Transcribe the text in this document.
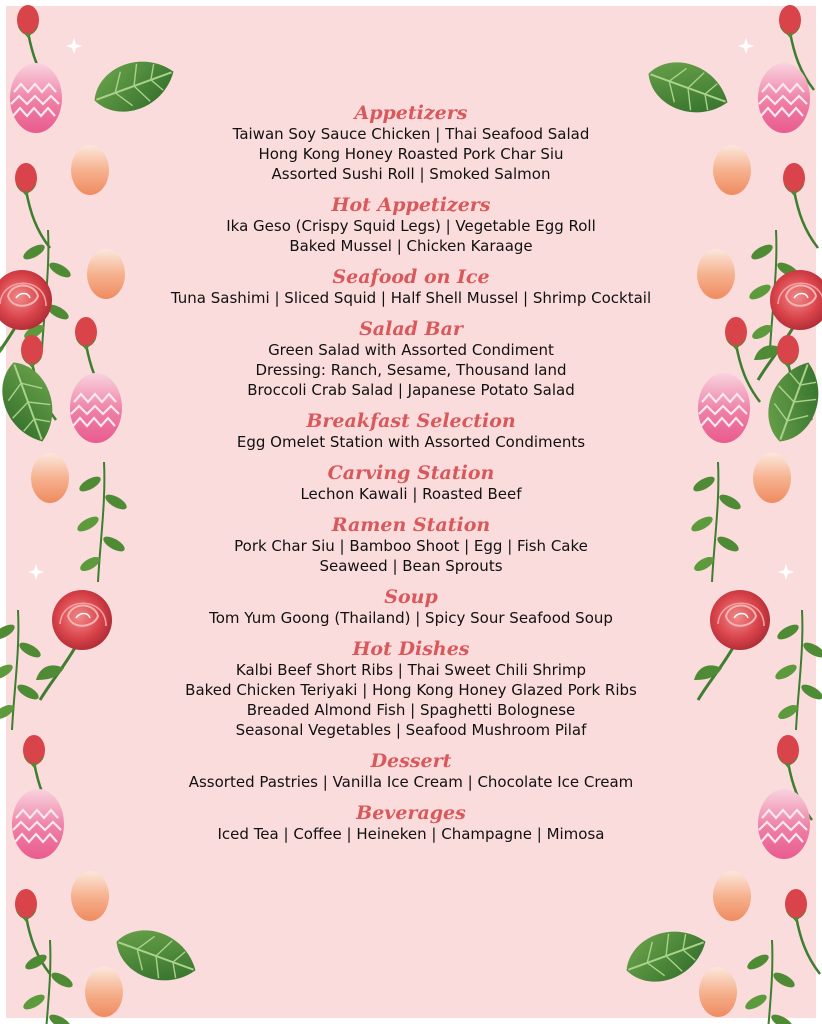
Appetizers
Taiwan Soy Sauce Chicken | Thai Seafood Salad
Hong Kong Honey Roasted Pork Char Siu
Assorted Sushi Roll | Smoked Salmon
Hot Appetizers
Ika Geso (Crispy Squid Legs) | Vegetable Egg Roll
Baked Mussel | Chicken Karaage
Seafood on Ice
Tuna Sashimi | Sliced Squid | Half Shell Mussel | Shrimp Cocktail
Salad Bar
Green Salad with Assorted Condiment
Dressing: Ranch, Sesame, Thousand land
Broccoli Crab Salad | Japanese Potato Salad
Breakfast Selection
Egg Omelet Station with Assorted Condiments
Carving Station
Lechon Kawali | Roasted Beef
Ramen Station
Pork Char Siu | Bamboo Shoot | Egg | Fish Cake
Seaweed | Bean Sprouts
Soup
Tom Yum Goong (Thailand) | Spicy Sour Seafood Soup
Hot Dishes
Kalbi Beef Short Ribs | Thai Sweet Chili Shrimp
Baked Chicken Teriyaki | Hong Kong Honey Glazed Pork Ribs
Breaded Almond Fish | Spaghetti Bolognese
Seasonal Vegetables | Seafood Mushroom Pilaf
Dessert
Assorted Pastries | Vanilla Ice Cream | Chocolate Ice Cream
Beverages
Iced Tea | Coffee | Heineken | Champagne | Mimosa
